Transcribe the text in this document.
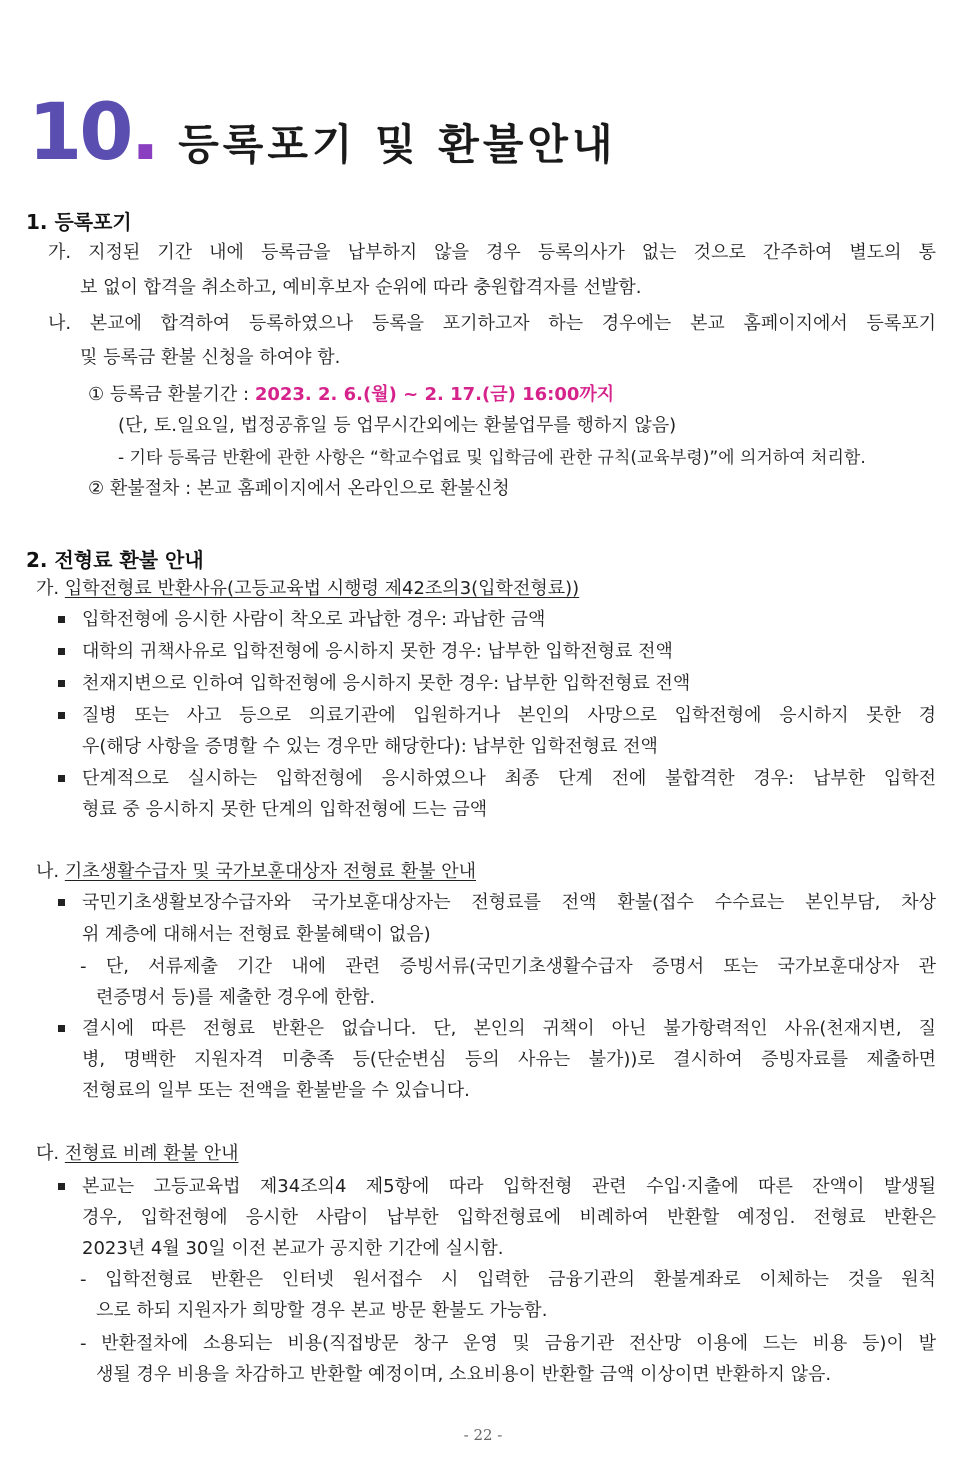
10 . 등록포기 및 환불안내
1. 등록포기
가. 지정된 기간 내에 등록금을 납부하지 않을 경우 등록의사가 없는 것으로 간주하여 별도의 통
보 없이 합격을 취소하고, 예비후보자 순위에 따라 충원합격자를 선발함.
나. 본교에 합격하여 등록하였으나 등록을 포기하고자 하는 경우에는 본교 홈페이지에서 등록포기
및 등록금 환불 신청을 하여야 함.
① 등록금 환불기간 : 2023. 2. 6.(월) ~ 2. 17.(금) 16:00까지
(단, 토.일요일, 법정공휴일 등 업무시간외에는 환불업무를 행하지 않음)
- 기타 등록금 반환에 관한 사항은 “학교수업료 및 입학금에 관한 규칙(교육부령)”에 의거하여 처리함.
② 환불절차 : 본교 홈페이지에서 온라인으로 환불신청
2. 전형료 환불 안내
가. 입학전형료 반환사유(고등교육법 시행령 제42조의3(입학전형료))
입학전형에 응시한 사람이 착오로 과납한 경우: 과납한 금액
대학의 귀책사유로 입학전형에 응시하지 못한 경우: 납부한 입학전형료 전액
천재지변으로 인하여 입학전형에 응시하지 못한 경우: 납부한 입학전형료 전액
질병 또는 사고 등으로 의료기관에 입원하거나 본인의 사망으로 입학전형에 응시하지 못한 경
우(해당 사항을 증명할 수 있는 경우만 해당한다): 납부한 입학전형료 전액
단계적으로 실시하는 입학전형에 응시하였으나 최종 단계 전에 불합격한 경우: 납부한 입학전
형료 중 응시하지 못한 단계의 입학전형에 드는 금액
나. 기초생활수급자 및 국가보훈대상자 전형료 환불 안내
국민기초생활보장수급자와 국가보훈대상자는 전형료를 전액 환불(접수 수수료는 본인부담, 차상
위 계층에 대해서는 전형료 환불혜택이 없음)
- 단, 서류제출 기간 내에 관련 증빙서류(국민기초생활수급자 증명서 또는 국가보훈대상자 관
련증명서 등)를 제출한 경우에 한함.
결시에 따른 전형료 반환은 없습니다. 단, 본인의 귀책이 아닌 불가항력적인 사유(천재지변, 질
병, 명백한 지원자격 미충족 등(단순변심 등의 사유는 불가))로 결시하여 증빙자료를 제출하면
전형료의 일부 또는 전액을 환불받을 수 있습니다.
다. 전형료 비례 환불 안내
본교는 고등교육법 제34조의4 제5항에 따라 입학전형 관련 수입·지출에 따른 잔액이 발생될
경우, 입학전형에 응시한 사람이 납부한 입학전형료에 비례하여 반환할 예정임. 전형료 반환은
2023년 4월 30일 이전 본교가 공지한 기간에 실시함.
- 입학전형료 반환은 인터넷 원서접수 시 입력한 금융기관의 환불계좌로 이체하는 것을 원칙
으로 하되 지원자가 희망할 경우 본교 방문 환불도 가능함.
- 반환절차에 소용되는 비용(직접방문 창구 운영 및 금융기관 전산망 이용에 드는 비용 등)이 발
생될 경우 비용을 차감하고 반환할 예정이며, 소요비용이 반환할 금액 이상이면 반환하지 않음.
- 22 -
